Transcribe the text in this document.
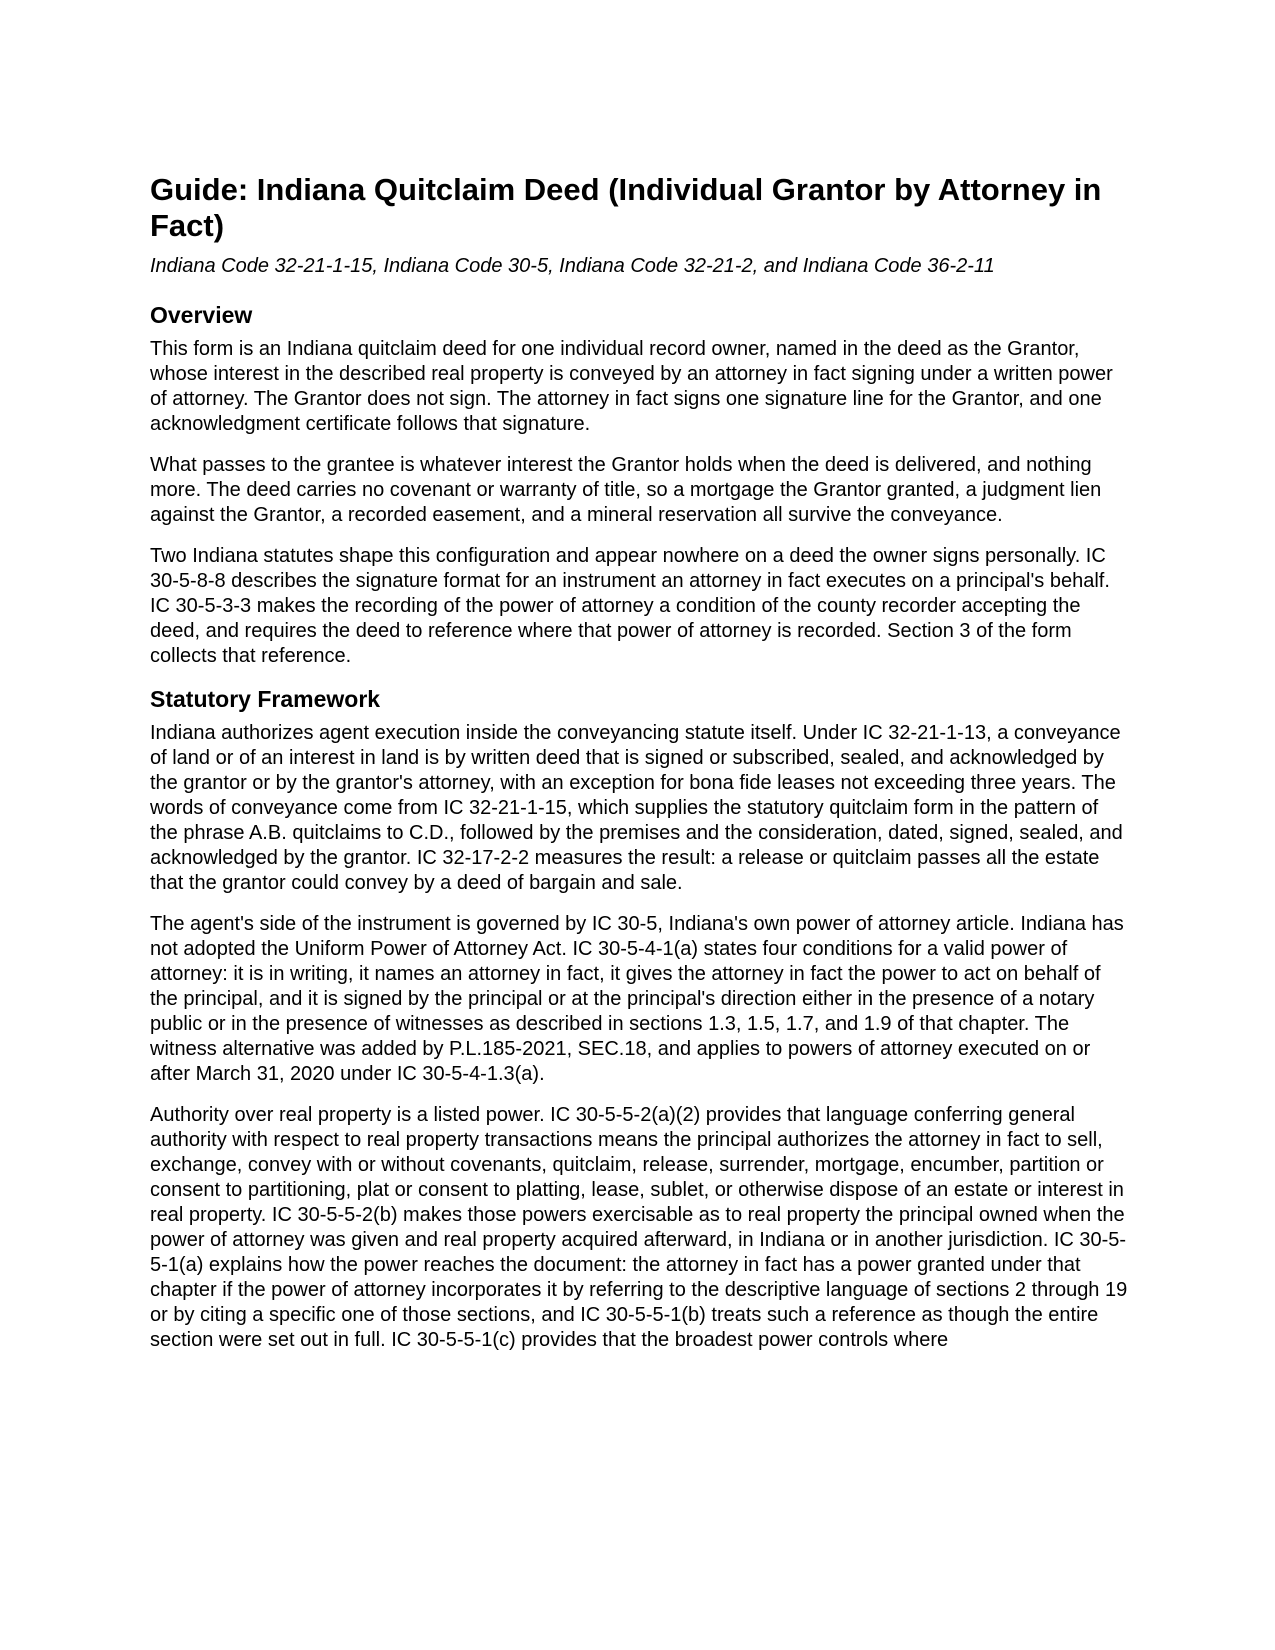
Guide: Indiana Quitclaim Deed (Individual Grantor by Attorney in Fact)
Indiana Code 32-21-1-15, Indiana Code 30-5, Indiana Code 32-21-2, and Indiana Code 36-2-11
Overview

This form is an Indiana quitclaim deed for one individual record owner, named in the deed as the Grantor, whose interest in the described real property is conveyed by an attorney in fact signing under a written power of attorney. The Grantor does not sign. The attorney in fact signs one signature line for the Grantor, and one acknowledgment certificate follows that signature.

What passes to the grantee is whatever interest the Grantor holds when the deed is delivered, and nothing more. The deed carries no covenant or warranty of title, so a mortgage the Grantor granted, a judgment lien against the Grantor, a recorded easement, and a mineral reservation all survive the conveyance.

Two Indiana statutes shape this configuration and appear nowhere on a deed the owner signs personally. IC 30-5-8-8 describes the signature format for an instrument an attorney in fact executes on a principal's behalf. IC 30-5-3-3 makes the recording of the power of attorney a condition of the county recorder accepting the deed, and requires the deed to reference where that power of attorney is recorded. Section 3 of the form collects that reference.

Statutory Framework

Indiana authorizes agent execution inside the conveyancing statute itself. Under IC 32-21-1-13, a conveyance of land or of an interest in land is by written deed that is signed or subscribed, sealed, and acknowledged by the grantor or by the grantor's attorney, with an exception for bona fide leases not exceeding three years. The words of conveyance come from IC 32-21-1-15, which supplies the statutory quitclaim form in the pattern of the phrase A.B. quitclaims to C.D., followed by the premises and the consideration, dated, signed, sealed, and acknowledged by the grantor. IC 32-17-2-2 measures the result: a release or quitclaim passes all the estate that the grantor could convey by a deed of bargain and sale.

The agent's side of the instrument is governed by IC 30-5, Indiana's own power of attorney article. Indiana has not adopted the Uniform Power of Attorney Act. IC 30-5-4-1(a) states four conditions for a valid power of attorney: it is in writing, it names an attorney in fact, it gives the attorney in fact the power to act on behalf of the principal, and it is signed by the principal or at the principal's direction either in the presence of a notary public or in the presence of witnesses as described in sections 1.3, 1.5, 1.7, and 1.9 of that chapter. The witness alternative was added by P.L.185-2021, SEC.18, and applies to powers of attorney executed on or after March 31, 2020 under IC 30-5-4-1.3(a).

Authority over real property is a listed power. IC 30-5-5-2(a)(2) provides that language conferring general authority with respect to real property transactions means the principal authorizes the attorney in fact to sell, exchange, convey with or without covenants, quitclaim, release, surrender, mortgage, encumber, partition or consent to partitioning, plat or consent to platting, lease, sublet, or otherwise dispose of an estate or interest in real property. IC 30-5-5-2(b) makes those powers exercisable as to real property the principal owned when the power of attorney was given and real property acquired afterward, in Indiana or in another jurisdiction. IC 30-5-5-1(a) explains how the power reaches the document: the attorney in fact has a power granted under that chapter if the power of attorney incorporates it by referring to the descriptive language of sections 2 through 19 or by citing a specific one of those sections, and IC 30-5-5-1(b) treats such a reference as though the entire section were set out in full. IC 30-5-5-1(c) provides that the broadest power controls where
